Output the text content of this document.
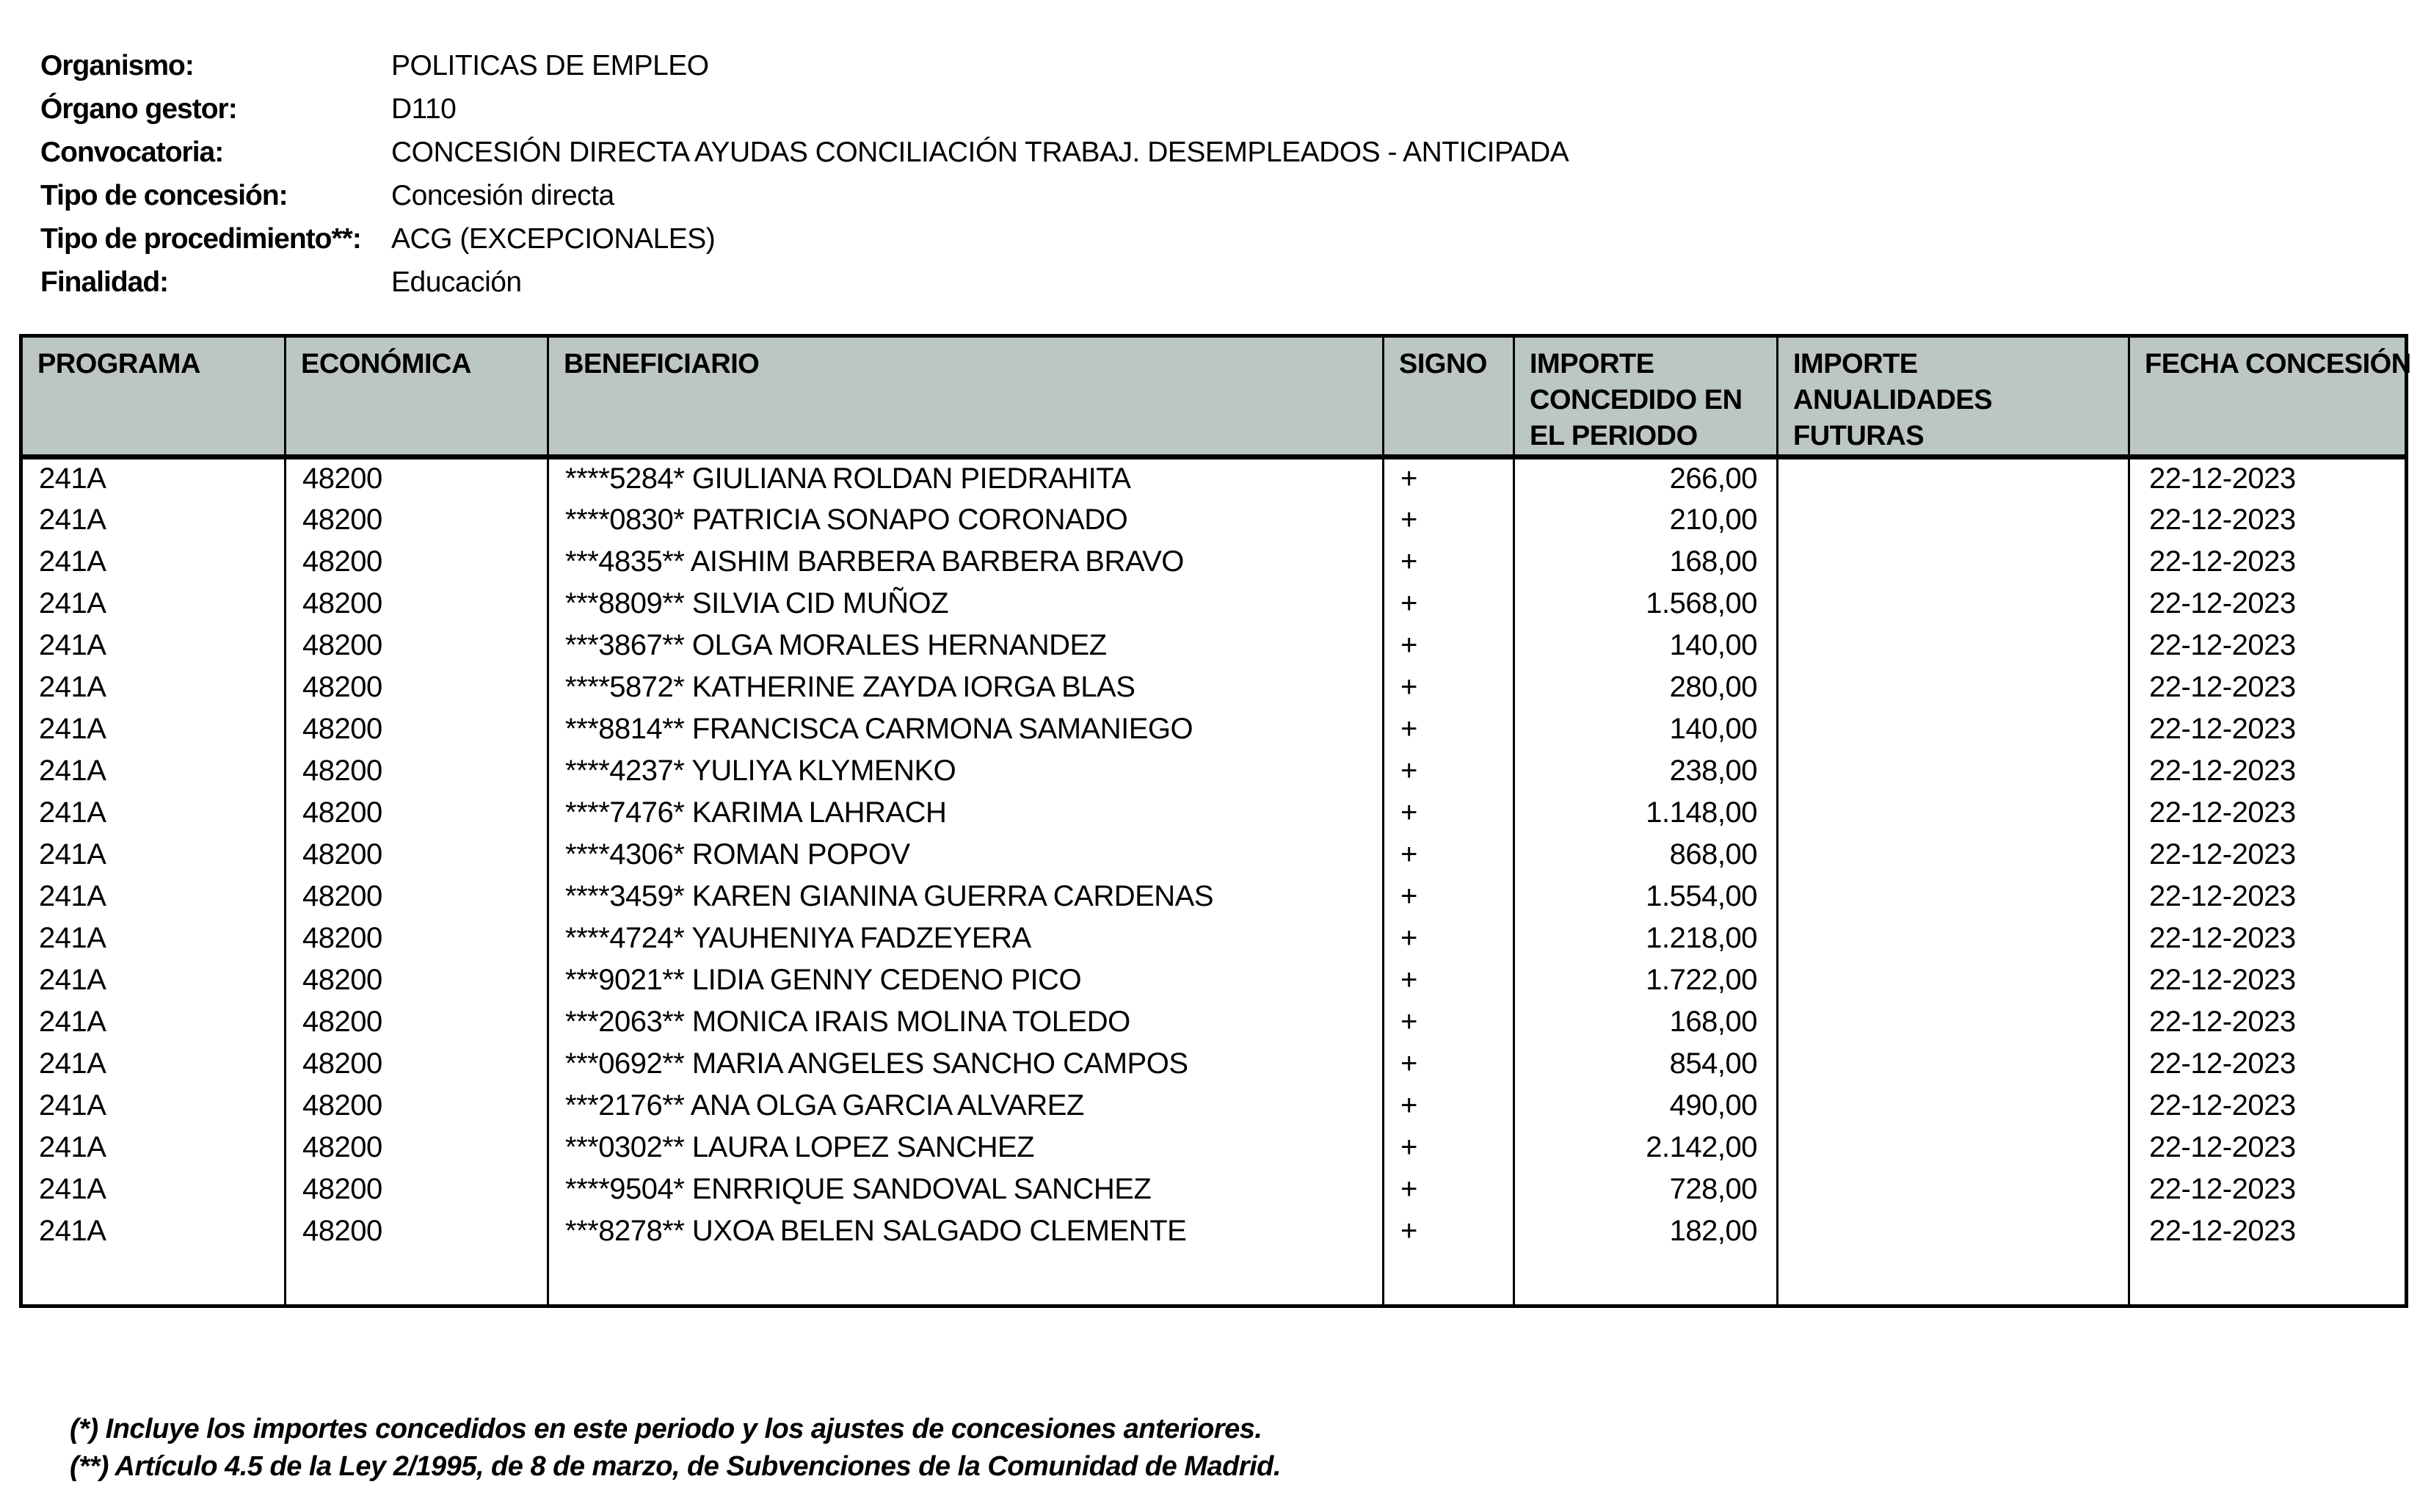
Organismo:	POLITICAS DE EMPLEO
Órgano gestor:	D110
Convocatoria:	CONCESIÓN DIRECTA AYUDAS CONCILIACIÓN TRABAJ. DESEMPLEADOS - ANTICIPADA
Tipo de concesión:	Concesión directa
Tipo de procedimiento**:	ACG (EXCEPCIONALES)
Finalidad:	Educación
PROGRAMA	ECONÓMICA	BENEFICIARIO	SIGNO	IMPORTE CONCEDIDO EN EL PERIODO	IMPORTE ANUALIDADES FUTURAS	FECHA CONCESIÓN
241A	48200	****5284* GIULIANA ROLDAN PIEDRAHITA	+	266,00		22-12-2023
241A	48200	****0830* PATRICIA SONAPO CORONADO	+	210,00		22-12-2023
241A	48200	***4835** AISHIM BARBERA BARBERA BRAVO	+	168,00		22-12-2023
241A	48200	***8809** SILVIA CID MUÑOZ	+	1.568,00		22-12-2023
241A	48200	***3867** OLGA MORALES HERNANDEZ	+	140,00		22-12-2023
241A	48200	****5872* KATHERINE ZAYDA IORGA BLAS	+	280,00		22-12-2023
241A	48200	***8814** FRANCISCA CARMONA SAMANIEGO	+	140,00		22-12-2023
241A	48200	****4237* YULIYA KLYMENKO	+	238,00		22-12-2023
241A	48200	****7476* KARIMA LAHRACH	+	1.148,00		22-12-2023
241A	48200	****4306* ROMAN POPOV	+	868,00		22-12-2023
241A	48200	****3459* KAREN GIANINA GUERRA CARDENAS	+	1.554,00		22-12-2023
241A	48200	****4724* YAUHENIYA FADZEYERA	+	1.218,00		22-12-2023
241A	48200	***9021** LIDIA GENNY CEDENO PICO	+	1.722,00		22-12-2023
241A	48200	***2063** MONICA IRAIS MOLINA TOLEDO	+	168,00		22-12-2023
241A	48200	***0692** MARIA ANGELES SANCHO CAMPOS	+	854,00		22-12-2023
241A	48200	***2176** ANA OLGA GARCIA ALVAREZ	+	490,00		22-12-2023
241A	48200	***0302** LAURA LOPEZ SANCHEZ	+	2.142,00		22-12-2023
241A	48200	****9504* ENRRIQUE SANDOVAL SANCHEZ	+	728,00		22-12-2023
241A	48200	***8278** UXOA BELEN SALGADO CLEMENTE	+	182,00		22-12-2023

(*) Incluye los importes concedidos en este periodo y los ajustes de concesiones anteriores.

(**) Artículo 4.5 de la Ley 2/1995, de 8 de marzo, de Subvenciones de la Comunidad de Madrid.
